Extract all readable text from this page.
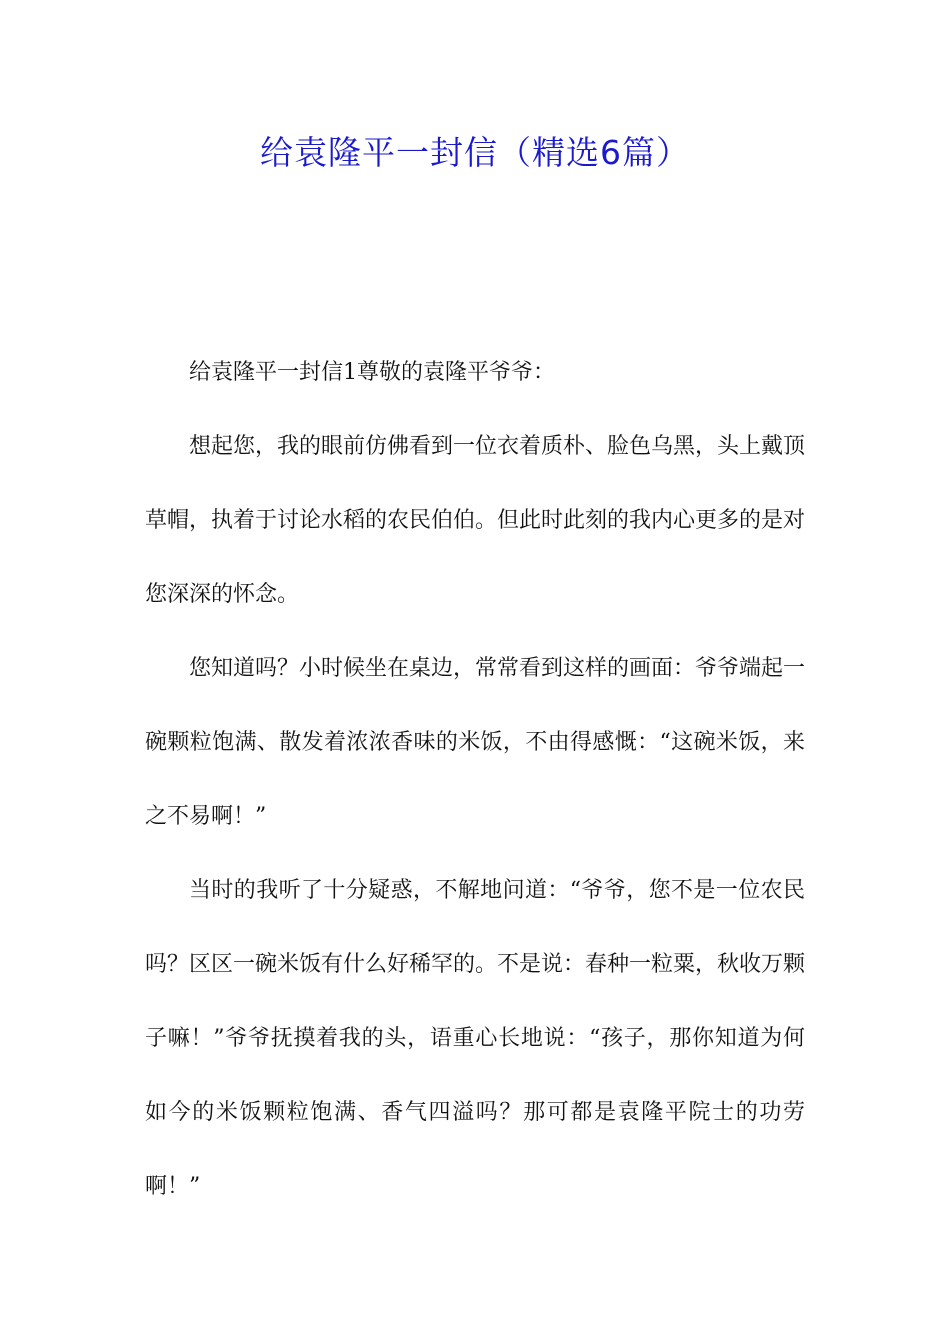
给袁隆平一封信（精选6篇）

给袁隆平一封信1尊敬的袁隆平爷爷：

想起您，我的眼前仿佛看到一位衣着质朴、脸色乌黑，头上戴顶草帽，执着于讨论水稻的农民伯伯。但此时此刻的我内心更多的是对您深深的怀念。

您知道吗？小时候坐在桌边，常常看到这样的画面：爷爷端起一碗颗粒饱满、散发着浓浓香味的米饭，不由得感慨：“这碗米饭，来之不易啊！”

当时的我听了十分疑惑，不解地问道：“爷爷，您不是一位农民吗？区区一碗米饭有什么好稀罕的。不是说：春种一粒粟，秋收万颗子嘛！”爷爷抚摸着我的头，语重心长地说：“孩子，那你知道为何如今的米饭颗粒饱满、香气四溢吗？那可都是袁隆平院士的功劳啊！”
